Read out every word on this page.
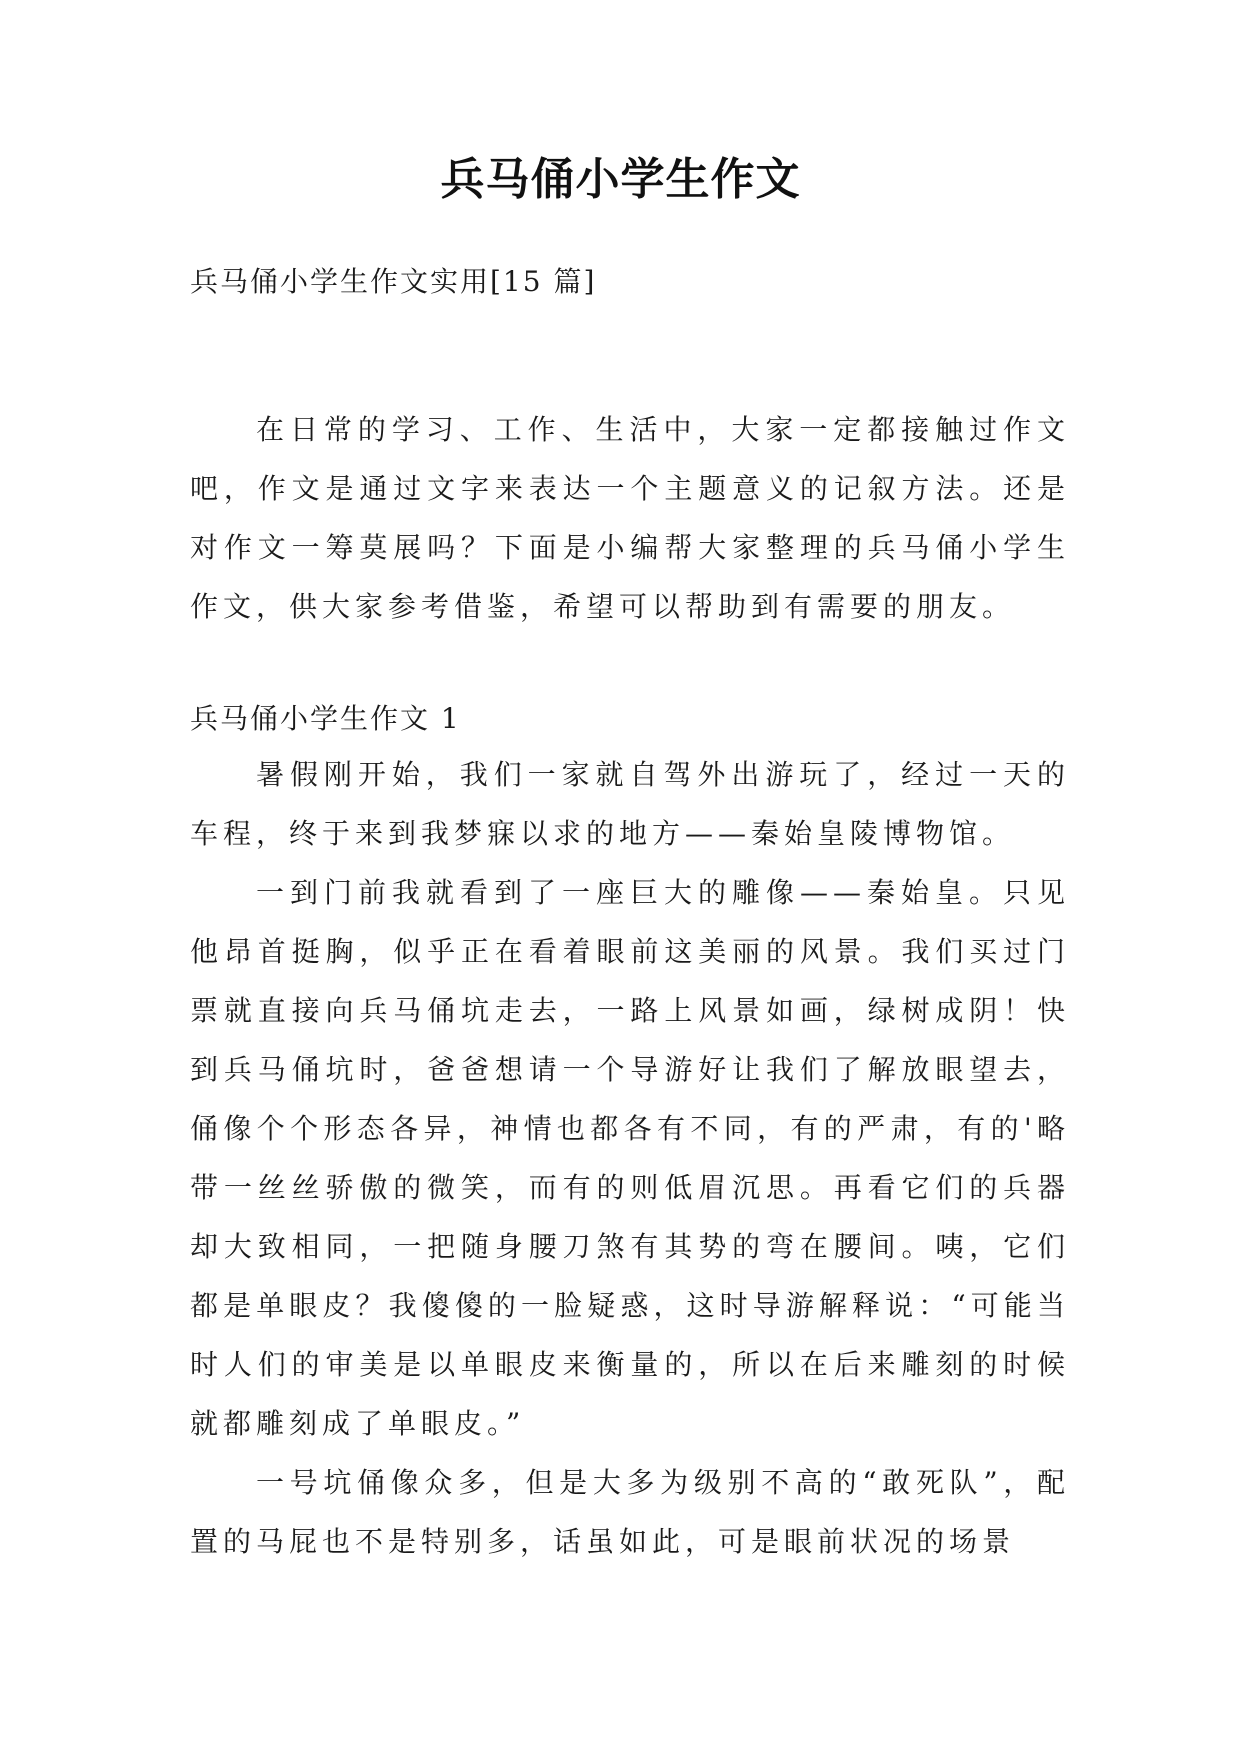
兵马俑小学生作文
兵马俑小学生作文实用[15 篇]

在日常的学习、工作、生活中，大家一定都接触过作文吧，作文是通过文字来表达一个主题意义的记叙方法。还是对作文一筹莫展吗？下面是小编帮大家整理的兵马俑小学生作文，供大家参考借鉴，希望可以帮助到有需要的朋友。

兵马俑小学生作文 1

暑假刚开始，我们一家就自驾外出游玩了，经过一天的车程，终于来到我梦寐以求的地方——秦始皇陵博物馆。

一到门前我就看到了一座巨大的雕像——秦始皇。只见他昂首挺胸，似乎正在看着眼前这美丽的风景。我们买过门票就直接向兵马俑坑走去，一路上风景如画，绿树成阴！快到兵马俑坑时，爸爸想请一个导游好让我们了解放眼望去，俑像个个形态各异，神情也都各有不同，有的严肃，有的'略带一丝丝骄傲的微笑，而有的则低眉沉思。再看它们的兵器却大致相同，一把随身腰刀煞有其势的弯在腰间。咦，它们都是单眼皮？我傻傻的一脸疑惑，这时导游解释说：“可能当时人们的审美是以单眼皮来衡量的，所以在后来雕刻的时候就都雕刻成了单眼皮。”

一号坑俑像众多，但是大多为级别不高的“敢死队”，配置的马屁也不是特别多，话虽如此，可是眼前状况的场景
